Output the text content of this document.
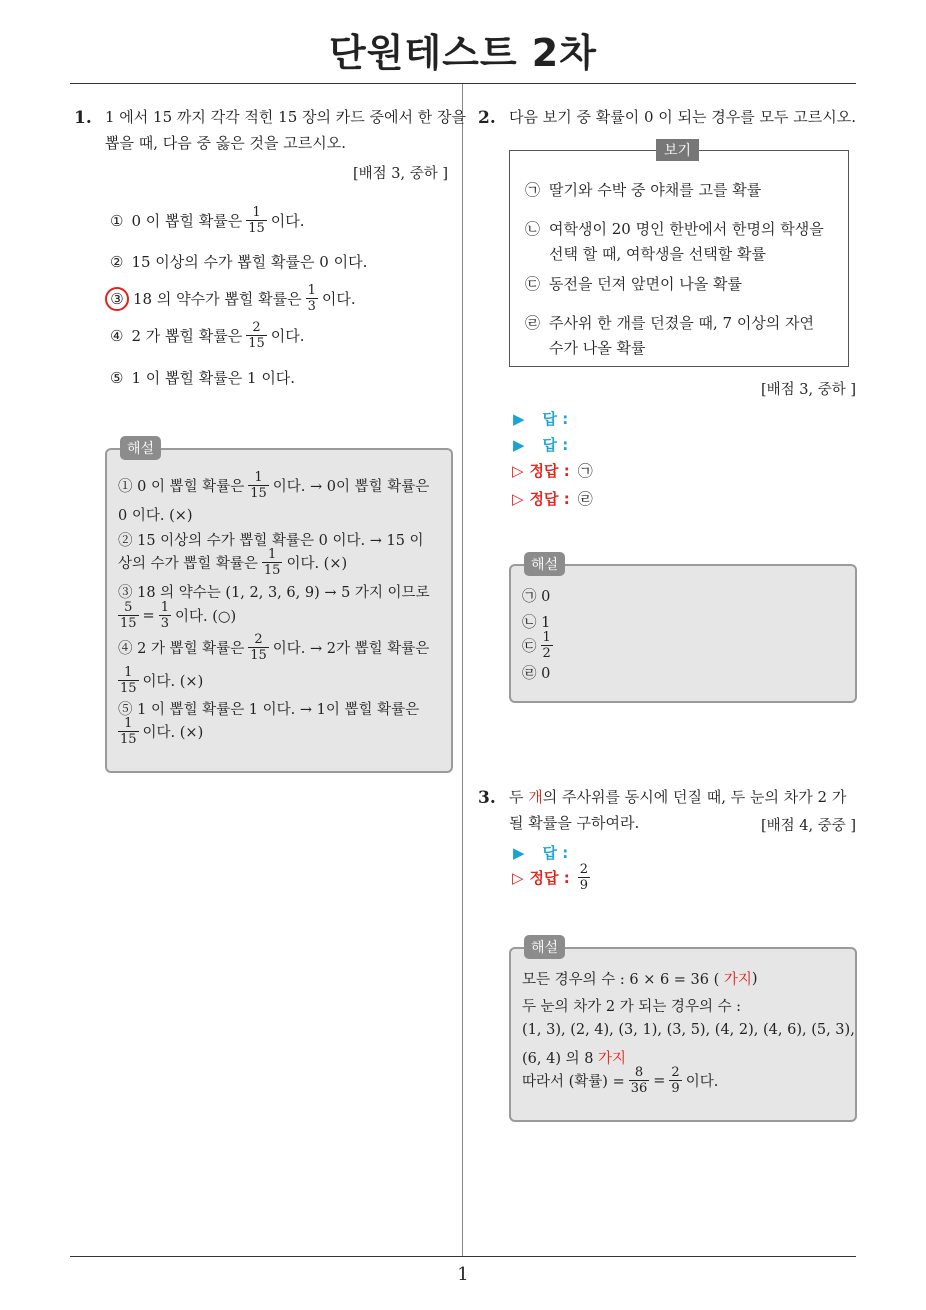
단원테스트 2차
1
1. 1 에서 15 까지 각각 적힌 15 장의 카드 중에서 한 장을
뽑을 때, 다음 중 옳은 것을 고르시오.
[배점 3, 중하 ]
① 0 이 뽑힐 확률은 $\frac{1}{15}$ 이다.
② 15 이상의 수가 뽑힐 확률은 0 이다.
③ 18 의 약수가 뽑힐 확률은 $\frac{1}{3}$ 이다.
④ 2 가 뽑힐 확률은 $\frac{2}{15}$ 이다.
⑤ 1 이 뽑힐 확률은 1 이다.
해설
① 0 이 뽑힐 확률은 $\frac{1}{15}$ 이다. → 0이 뽑힐 확률은
0 이다. (×)
② 15 이상의 수가 뽑힐 확률은 0 이다. → 15 이
상의 수가 뽑힐 확률은 $\frac{1}{15}$ 이다. (×)
③ 18 의 약수는 (1, 2, 3, 6, 9) → 5 가지 이므로
$\frac{5}{15} = \frac{1}{3}$ 이다. (○)
④ 2 가 뽑힐 확률은 $\frac{2}{15}$ 이다. → 2가 뽑힐 확률은
$\frac{1}{15}$ 이다. (×)
⑤ 1 이 뽑힐 확률은 1 이다. → 1이 뽑힐 확률은
$\frac{1}{15}$ 이다. (×)
2. 다음 보기 중 확률이 0 이 되는 경우를 모두 고르시오.
보기
㉠ 딸기와 수박 중 야채를 고를 확률
㉡ 여학생이 20 명인 한반에서 한명의 학생을
선택 할 때, 여학생을 선택할 확률
㉢ 동전을 던져 앞면이 나올 확률
㉣ 주사위 한 개를 던졌을 때, 7 이상의 자연
수가 나올 확률
[배점 3, 중하 ]
▶ 답 :
▶ 답 :
▷ 정답 : ㉠
▷ 정답 : ㉣
해설
㉠ 0
㉡ 1
㉢ $\frac{1}{2}$
㉣ 0
3. 두 개의 주사위를 동시에 던질 때, 두 눈의 차가 2 가
될 확률을 구하여라.	[배점 4, 중중 ]
▶ 답 :
▷ 정답 : $\frac{2}{9}$
해설
모든 경우의 수 : 6 × 6 = 36 (
가지 )
두 눈의 차가 2 가 되는 경우의 수 :
(1, 3), (2, 4), (3, 1), (3, 5), (4, 2), (4, 6), (5, 3),
(6, 4) 의 8
가지
따라서 (확률) = $\frac{8}{36} = \frac{2}{9}$ 이다.
